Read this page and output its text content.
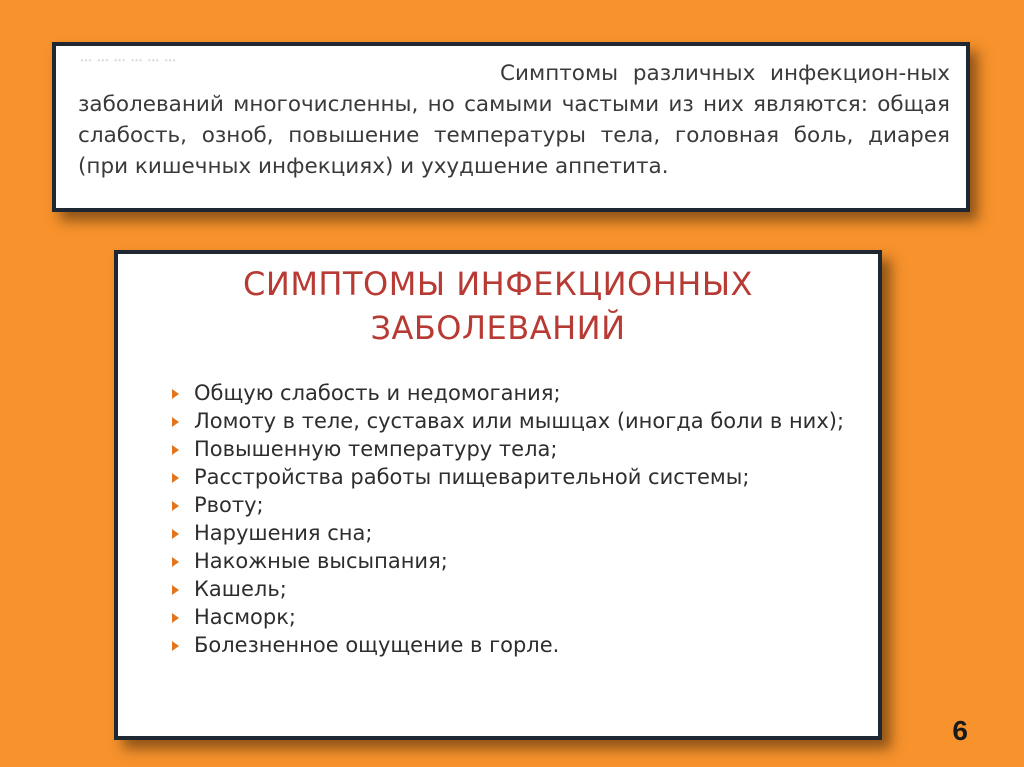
… … … … … …

Симптомы различных инфекцион-ных заболеваний многочисленны, но самыми частыми из них являются: общая слабость, озноб, повышение температуры тела, головная боль, диарея (при кишечных инфекциях) и ухудшение аппетита.

СИМПТОМЫ ИНФЕКЦИОННЫХ
ЗАБОЛЕВАНИЙ
Общую слабость и недомогания;
Ломоту в теле, суставах или мышцах (иногда боли в них);
Повышенную температуру тела;
Расстройства работы пищеварительной системы;
Рвоту;
Нарушения сна;
Накожные высыпания;
Кашель;
Насморк;
Болезненное ощущение в горле.
6
